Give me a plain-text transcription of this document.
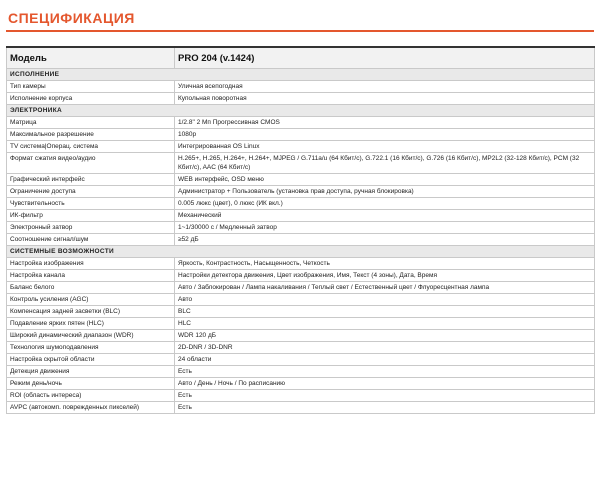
СПЕЦИФИКАЦИЯ
Модель	PRO 204 (v.1424)
ИСПОЛНЕНИЕ	
Тип камеры	Уличная всепогодная
Исполнение корпуса	Купольная поворотная
ЭЛЕКТРОНИКА	
Матрица	1/2.8" 2 Мп Прогрессивная CMOS
Максимальное разрешение	1080p
TV система|Операц. система	Интегрированная OS Linux
Формат сжатия видео/аудио	H.265+, H.265, H.264+, H.264+, MJPEG / G.711a/u (64 Кбит/с), G.722.1 (16 Кбит/с), G.726 (16 Кбит/с), MP2L2 (32-128 Кбит/с), PCM (32 Кбит/с), AAC (64 Кбит/с)
Графический интерфейс	WEB интерфейс, OSD меню
Ограничение доступа	Администратор + Пользователь (установка прав доступа, ручная блокировка)
Чувствительность	0.005 люкс (цвет), 0 люкс (ИК вкл.)
ИК-фильтр	Механический
Электронный затвор	1~1/30000 с / Медленный затвор
Соотношение сигнал/шум	≥52 дБ
СИСТЕМНЫЕ ВОЗМОЖНОСТИ	
Настройка изображения	Яркость, Контрастность, Насыщенность, Четкость
Настройка канала	Настройки детектора движения, Цвет изображения, Имя, Текст (4 зоны), Дата, Время
Баланс белого	Авто / Заблокирован / Лампа накаливания / Теплый свет / Естественный цвет / Флуоресцентная лампа
Контроль усиления (AGC)	Авто
Компенсация задней засветки (BLC)	BLC
Подавление ярких пятен (HLC)	HLC
Широкий динамический диапазон (WDR)	WDR 120 дБ
Технология шумоподавления	2D-DNR / 3D-DNR
Настройка скрытой области	24 области
Детекция движения	Есть
Режим день/ночь	Авто / День / Ночь / По расписанию
ROI (область интереса)	Есть
AVPC (автокомп. поврежденных пикселей)	Есть
